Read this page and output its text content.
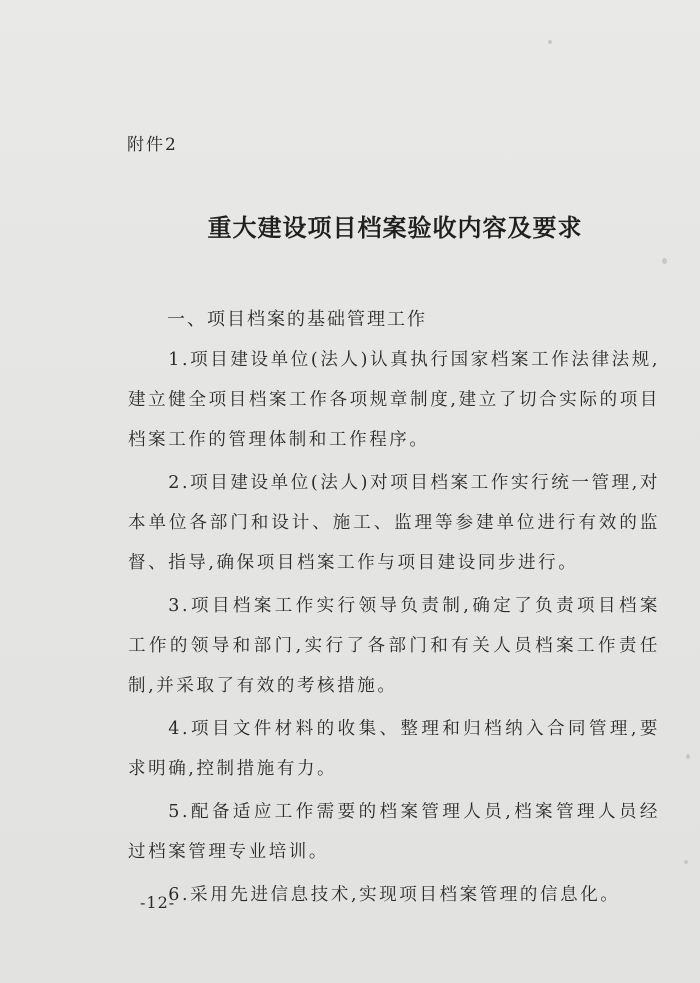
附件2
重大建设项目档案验收内容及要求
一、项目档案的基础管理工作

1.项目建设单位(法人)认真执行国家档案工作法律法规,建立健全项目档案工作各项规章制度,建立了切合实际的项目档案工作的管理体制和工作程序。

2.项目建设单位(法人)对项目档案工作实行统一管理,对本单位各部门和设计、施工、监理等参建单位进行有效的监督、指导,确保项目档案工作与项目建设同步进行。

3.项目档案工作实行领导负责制,确定了负责项目档案工作的领导和部门,实行了各部门和有关人员档案工作责任制,并采取了有效的考核措施。

4.项目文件材料的收集、整理和归档纳入合同管理,要求明确,控制措施有力。

5.配备适应工作需要的档案管理人员,档案管理人员经过档案管理专业培训。

6.采用先进信息技术,实现项目档案管理的信息化。

-12-
